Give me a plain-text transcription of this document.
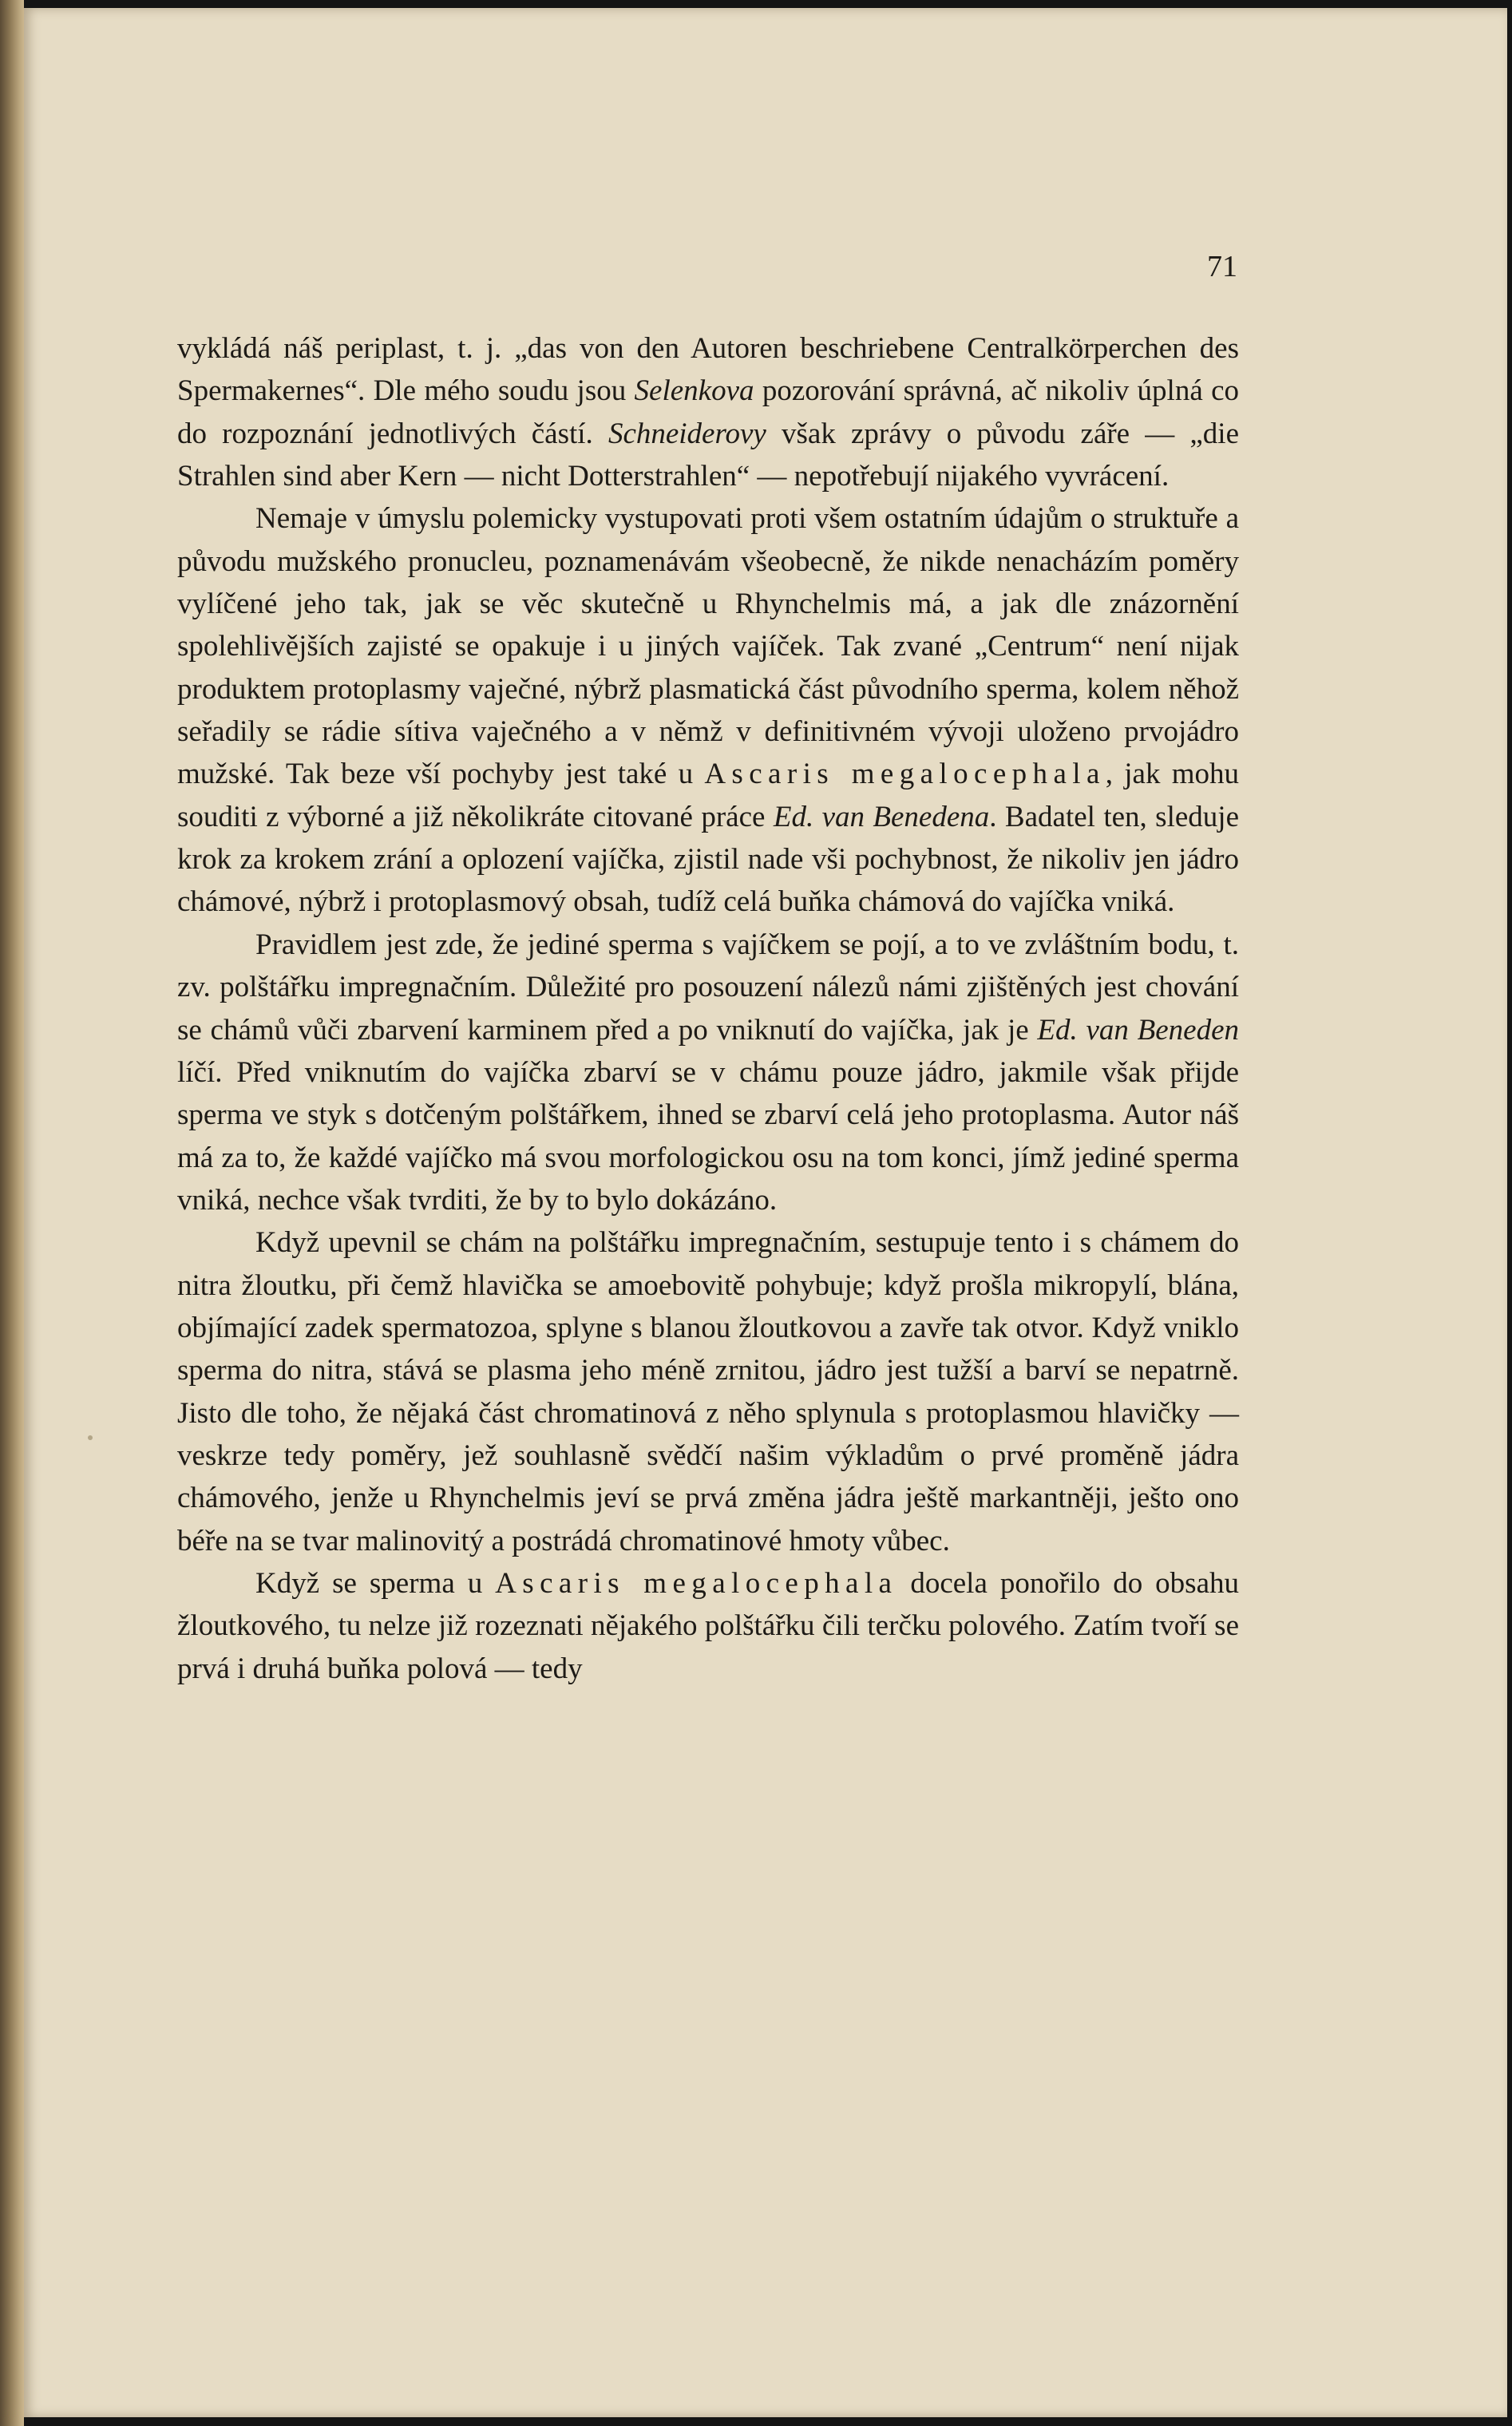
71

vykládá náš periplast, t. j. „das von den Autoren beschriebene Centralkörperchen des Spermakernes“. Dle mého soudu jsou Selenkova pozorování správná, ač nikoliv úplná co do rozpoznání jednotlivých částí. Schneiderovy však zprávy o původu záře — „die Strahlen sind aber Kern — nicht Dotterstrahlen“ — nepotřebují nijakého vyvrácení.

Nemaje v úmyslu polemicky vystupovati proti všem ostatním údajům o struktuře a původu mužského pronucleu, poznamenávám všeobecně, že nikde nenacházím poměry vylíčené jeho tak, jak se věc skutečně u Rhynchelmis má, a jak dle znázornění spolehlivějších zajisté se opakuje i u jiných vajíček. Tak zvané „Centrum“ není nijak produktem protoplasmy vaječné, nýbrž plasmatická část původního sperma, kolem něhož seřadily se rádie sítiva vaječného a v němž v definitivném vývoji uloženo prvojádro mužské. Tak beze vší pochyby jest také u Ascaris megalocephala, jak mohu souditi z výborné a již několikráte citované práce Ed. van Benedena. Badatel ten, sleduje krok za krokem zrání a oplození vajíčka, zjistil nade vši pochybnost, že nikoliv jen jádro chámové, nýbrž i protoplasmový obsah, tudíž celá buňka chámová do vajíčka vniká.

Pravidlem jest zde, že jediné sperma s vajíčkem se pojí, a to ve zvláštním bodu, t. zv. polštářku impregnačním. Důležité pro posouzení nálezů námi zjištěných jest chování se chámů vůči zbarvení karminem před a po vniknutí do vajíčka, jak je Ed. van Beneden líčí. Před vniknutím do vajíčka zbarví se v chámu pouze jádro, jakmile však přijde sperma ve styk s dotčeným polštářkem, ihned se zbarví celá jeho protoplasma. Autor náš má za to, že každé vajíčko má svou morfologickou osu na tom konci, jímž jediné sperma vniká, nechce však tvrditi, že by to bylo dokázáno.

Když upevnil se chám na polštářku impregnačním, sestupuje tento i s chámem do nitra žloutku, při čemž hlavička se amoebovitě pohybuje; když prošla mikropylí, blána, objímající zadek spermatozoa, splyne s blanou žloutkovou a zavře tak otvor. Když vniklo sperma do nitra, stává se plasma jeho méně zrnitou, jádro jest tužší a barví se nepatrně. Jisto dle toho, že nějaká část chromatinová z něho splynula s protoplasmou hlavičky — veskrze tedy poměry, jež souhlasně svědčí našim výkladům o prvé proměně jádra chámového, jenže u Rhynchelmis jeví se prvá změna jádra ještě markantněji, ješto ono béře na se tvar malinovitý a postrádá chromatinové hmoty vůbec.

Když se sperma u Ascaris megalocephala docela ponořilo do obsahu žloutkového, tu nelze již rozeznati nějakého polštářku čili terčku polového. Zatím tvoří se prvá i druhá buňka polová — tedy
